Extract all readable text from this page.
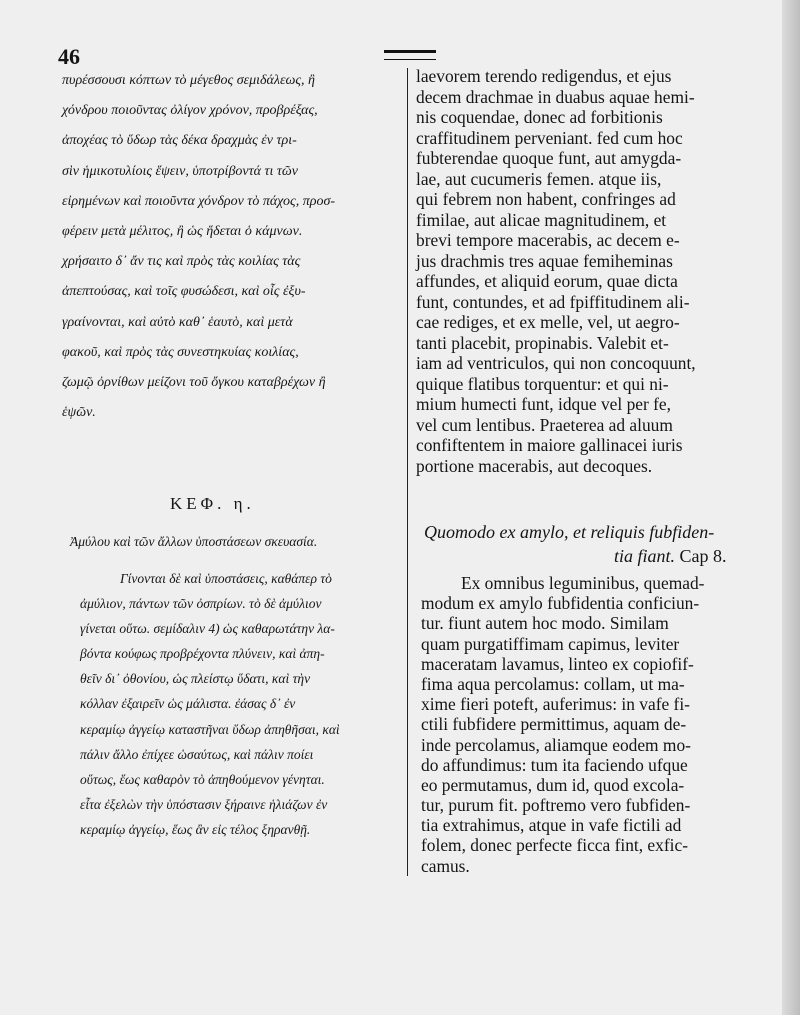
46
πυρέσσουσι κόπτων τὸ μέγεθος σεμιδάλεως, ἢ
χόνδρου ποιοῦντας ὀλίγον χρόνον, προβρέξας,
ἀποχέας τὸ ὕδωρ τὰς δέκα δραχμὰς ἐν τρι-
σὶν ἡμικοτυλίοις ἕψειν, ὑποτρίβοντά τι τῶν
εἰρημένων καὶ ποιοῦντα χόνδρον τὸ πάχος, προσ-
φέρειν μετὰ μέλιτος, ἢ ὡς ἥδεται ὁ κάμνων.
χρήσαιτο δ᾽ ἄν τις καὶ πρὸς τὰς κοιλίας τὰς
ἀπεπτούσας, καὶ τοῖς φυσώδεσι, καὶ οἷς ἐξυ-
γραίνονται, καὶ αὐτὸ καθ᾽ ἑαυτὸ, καὶ μετὰ
φακοῦ, καὶ πρὸς τὰς συνεστηκυίας κοιλίας,
ζωμῷ ὀρνίθων μείζονι τοῦ ὄγκου καταβρέχων ἢ
ἑψῶν.
ΚΕΦ. η.
Ἀμύλου καὶ τῶν ἄλλων ὑποστάσεων σκευασία.
Γίνονται δὲ καὶ ὑποστάσεις, καθάπερ τὸ
ἀμύλιον, πάντων τῶν ὀσπρίων. τὸ δὲ ἀμύλιον
γίνεται οὕτω. σεμίδαλιν 4) ὡς καθαρωτάτην λα-
βόντα κούφως προβρέχοντα πλύνειν, καὶ ἀπη-
θεῖν δι᾽ ὀθονίου, ὡς πλείστῳ ὕδατι, καὶ τὴν
κόλλαν ἐξαιρεῖν ὡς μάλιστα. ἐάσας δ᾽ ἐν
κεραμίῳ ἀγγείῳ καταστῆναι ὕδωρ ἀπηθῆσαι, καὶ
πάλιν ἄλλο ἐπίχεε ὡσαύτως, καὶ πάλιν ποίει
οὕτως, ἕως καθαρὸν τὸ ἀπηθούμενον γένηται.
εἶτα ἐξελὼν τὴν ὑπόστασιν ξήραινε ἡλιάζων ἐν
κεραμίῳ ἀγγείῳ, ἕως ἂν εἰς τέλος ξηρανθῇ.
laevorem terendo redigendus, et ejus
decem drachmae in duabus aquae hemi-
nis coquendae, donec ad forbitionis
craffitudinem perveniant. fed cum hoc
fubterendae quoque funt, aut amygda-
lae, aut cucumeris femen. atque iis,
qui febrem non habent, confringes ad
fimilae, aut alicae magnitudinem, et
brevi tempore macerabis, ac decem e-
jus drachmis tres aquae femiheminas
affundes, et aliquid eorum, quae dicta
funt, contundes, et ad fpiffitudinem ali-
cae rediges, et ex melle, vel, ut aegro-
tanti placebit, propinabis. Valebit et-
iam ad ventriculos, qui non concoquunt,
quique flatibus torquentur: et qui ni-
mium humecti funt, idque vel per fe,
vel cum lentibus. Praeterea ad aluum
confiftentem in maiore gallinacei iuris
portione macerabis, aut decoques.
Quomodo ex amylo, et reliquis fubfiden-
tia fiant. Cap 8.
Ex omnibus leguminibus, quemad-
modum ex amylo fubfidentia conficiun-
tur. fiunt autem hoc modo. Similam
quam purgatiffimam capimus, leviter
maceratam lavamus, linteo ex copiofif-
fima aqua percolamus: collam, ut ma-
xime fieri poteft, auferimus: in vafe fi-
ctili fubfidere permittimus, aquam de-
inde percolamus, aliamque eodem mo-
do affundimus: tum ita faciendo ufque
eo permutamus, dum id, quod excola-
tur, purum fit. poftremo vero fubfiden-
tia extrahimus, atque in vafe fictili ad
folem, donec perfecte ficca fint, exfic-
camus.
